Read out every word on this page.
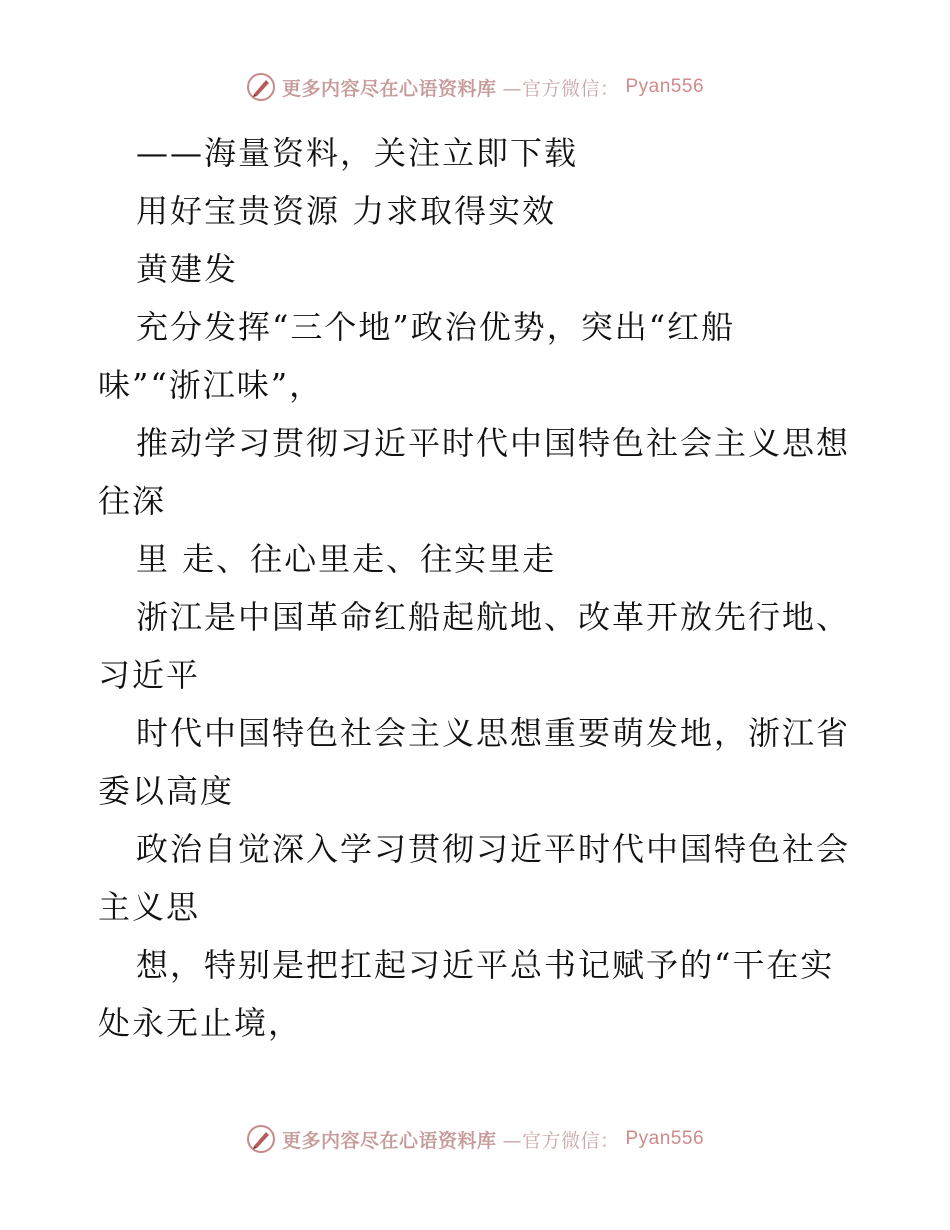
更多内容尽在心语资料库 —官方微信： Pyan556
——海量资料，关注立即下载
用好宝贵资源 力求取得实效
黄建发
充分发挥“三个地”政治优势，突出“红船
味”“浙江味”，
推动学习贯彻习近平时代中国特色社会主义思想
往深
里 走、往心里走、往实里走
浙江是中国革命红船起航地、改革开放先行地、
习近平
时代中国特色社会主义思想重要萌发地，浙江省
委以高度
政治自觉深入学习贯彻习近平时代中国特色社会
主义思
想，特别是把扛起习近平总书记赋予的“干在实
处永无止境，
更多内容尽在心语资料库 —官方微信： Pyan556
